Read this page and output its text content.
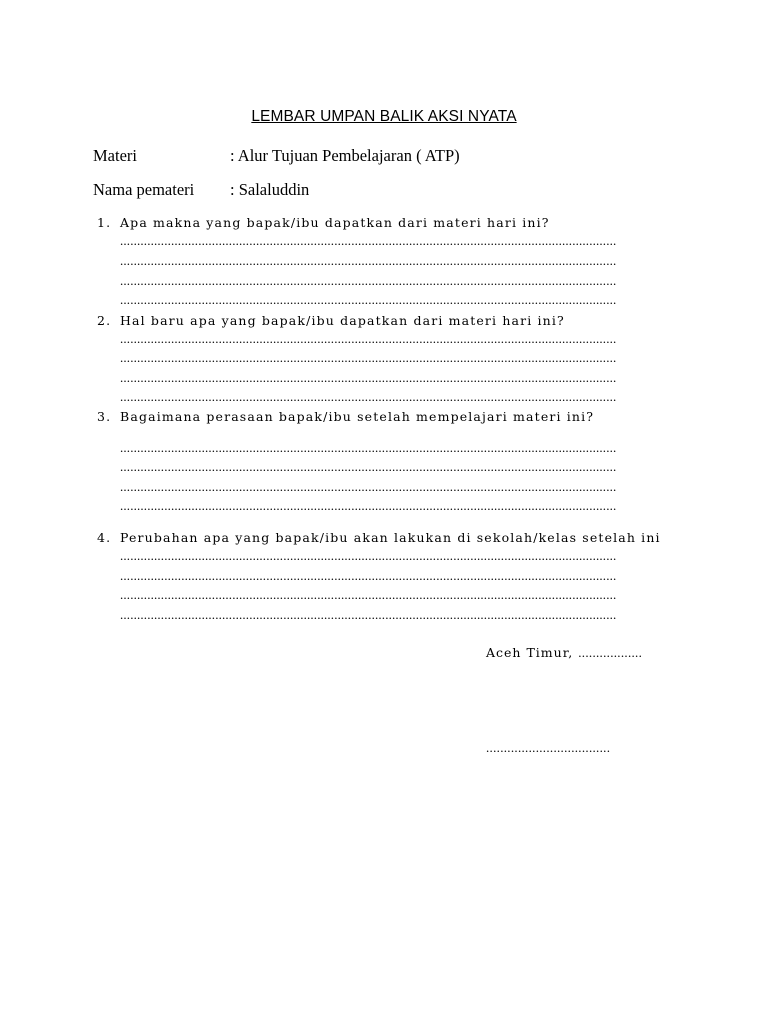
LEMBAR UMPAN BALIK AKSI NYATA
Materi	: Alur Tujuan Pembelajaran ( ATP)
Nama pemateri : Salaluddin
1. Apa makna yang bapak/ibu dapatkan dari materi hari ini?
..................................................................................................................................................
..................................................................................................................................................
..................................................................................................................................................
..................................................................................................................................................
2. Hal baru apa yang bapak/ibu dapatkan dari materi hari ini?
..................................................................................................................................................
..................................................................................................................................................
..................................................................................................................................................
..................................................................................................................................................
3. Bagaimana perasaan bapak/ibu setelah mempelajari materi ini?
..................................................................................................................................................
..................................................................................................................................................
..................................................................................................................................................
..................................................................................................................................................
4. Perubahan apa yang bapak/ibu akan lakukan di sekolah/kelas setelah ini
..................................................................................................................................................
..................................................................................................................................................
..................................................................................................................................................
..................................................................................................................................................
Aceh Timur, ..................
...................................
